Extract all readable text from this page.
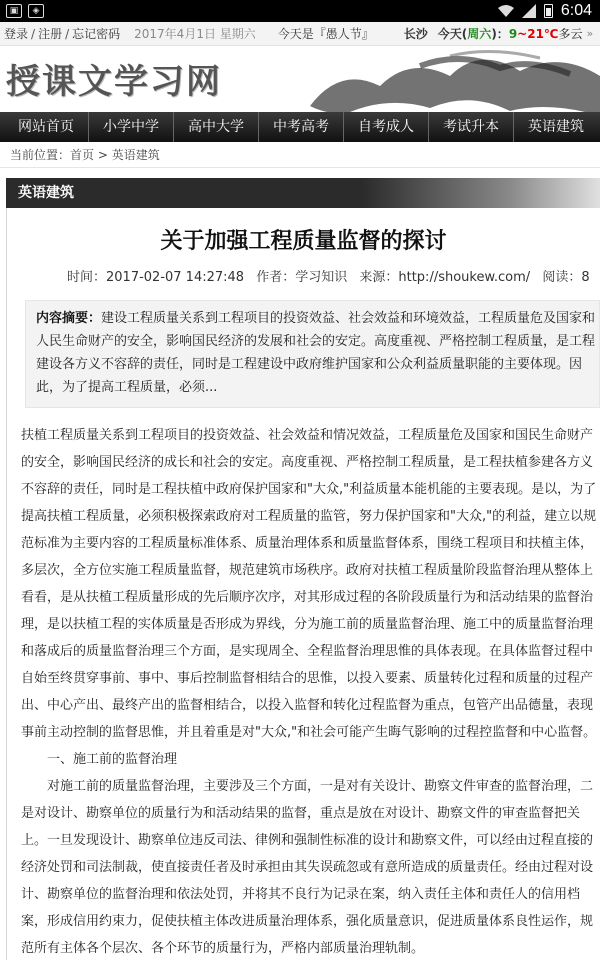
▣	◈	6:04
登录 / 注册 / 忘记密码 2017年4月1日 星期六 今天是『愚人节』	长沙 今天( 周六 )： 9 ~ 21℃ 多云 »
授课文学习网
网站首页	小学中学	高中大学	中考高考	自考成人	考试升本	英语建筑
当前位置：首页 > 英语建筑
英语建筑
关于加强工程质量监督的探讨
时间：2017-02-07 14:27:48 作者：学习知识 来源：http://shoukew.com/ 阅读：8
内容摘要：建设工程质量关系到工程项目的投资效益、社会效益和环境效益，工程质量危及国家和人民生命财产的安全，影响国民经济的发展和社会的安定。高度重视、严格控制工程质量，是工程建设各方义不容辞的责任，同时是工程建设中政府维护国家和公众利益质量职能的主要体现。因此，为了提高工程质量，必须...

扶植工程质量关系到工程项目的投资效益、社会效益和情况效益，工程质量危及国家和国民生命财产的安全，影响国民经济的成长和社会的安定。高度重视、严格控制工程质量，是工程扶植参建各方义不容辞的责任，同时是工程扶植中政府保护国家和"大众,"利益质量本能机能的主要表现。是以，为了提高扶植工程质量，必须积极探索政府对工程质量的监管，努力保护国家和"大众,"的利益，建立以规范标准为主要内容的工程质量标准体系、质量治理体系和质量监督体系，围绕工程项目和扶植主体，多层次，全方位实施工程质量监督，规范建筑市场秩序。政府对扶植工程质量阶段监督治理从整体上看看，是从扶植工程质量形成的先后顺序次序，对其形成过程的各阶段质量行为和活动结果的监督治理，是以扶植工程的实体质量是否形成为界线，分为施工前的质量监督治理、施工中的质量监督治理和落成后的质量监督治理三个方面，是实现周全、全程监督治理思惟的具体表现。在具体监督过程中自始至终贯穿事前、事中、事后控制监督相结合的思惟，以投入要素、质量转化过程和质量的过程产出、中心产出、最终产出的监督相结合，以投入监督和转化过程监督为重点，包管产出品德量，表现事前主动控制的监督思惟，并且着重是对"大众,"和社会可能产生晦气影响的过程控监督和中心监督。

一、施工前的监督治理

对施工前的质量监督治理，主要涉及三个方面，一是对有关设计、勘察文件审查的监督治理，二是对设计、勘察单位的质量行为和活动结果的监督，重点是放在对设计、勘察文件的审查监督把关上。一旦发现设计、勘察单位违反司法、律例和强制性标准的设计和勘察文件，可以经由过程直接的经济处罚和司法制裁，使直接责任者及时承担由其失误疏忽或有意所造成的质量责任。经由过程对设计、勘察单位的监督治理和依法处罚，并将其不良行为记录在案，纳入责任主体和责任人的信用档案，形成信用约束力，促使扶植主体改进质量治理体系，强化质量意识，促进质量体系良性运作，规范所有主体各个层次、各个环节的质量行为，严格内部质量治理轨制。
